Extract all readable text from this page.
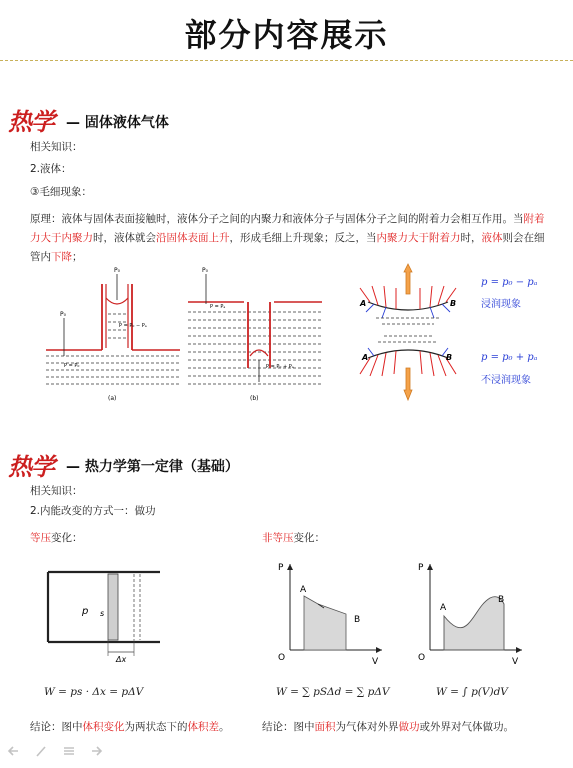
部分内容展示
热学 — 固体液体气体
相关知识：
2.液体：
③毛细现象：
原理：液体与固体表面接触时，液体分子之间的内聚力和液体分子与固体分子之间的附着力会相互作用。当附着力大于内聚力时，液体就会沿固体表面上升，形成毛细上升现象；反之，当内聚力大于附着力时，液体则会在细管内下降；
P₀
P₀
P = P₀ − Pₐ
P = P₀
(a)
P₀
P = Pₐ
P = P₀ + Pₐ
(b)
A	B
A	B
p = p₀ − pₐ
浸润现象
p = p₀ + pₐ
不浸润现象
热学 — 热力学第一定律（基础）
相关知识：
2.内能改变的方式一：做功
等压变化：	非等压变化：
p s
Δx
P
V
O
A
B
P
V
O
A
B
W = ps · Δx = pΔV	W = ∑ pSΔd = ∑ pΔV	W = ∫ p(V)dV
结论：图中体积变化为两状态下的体积差。	结论：图中面积为气体对外界做功或外界对气体做功。
